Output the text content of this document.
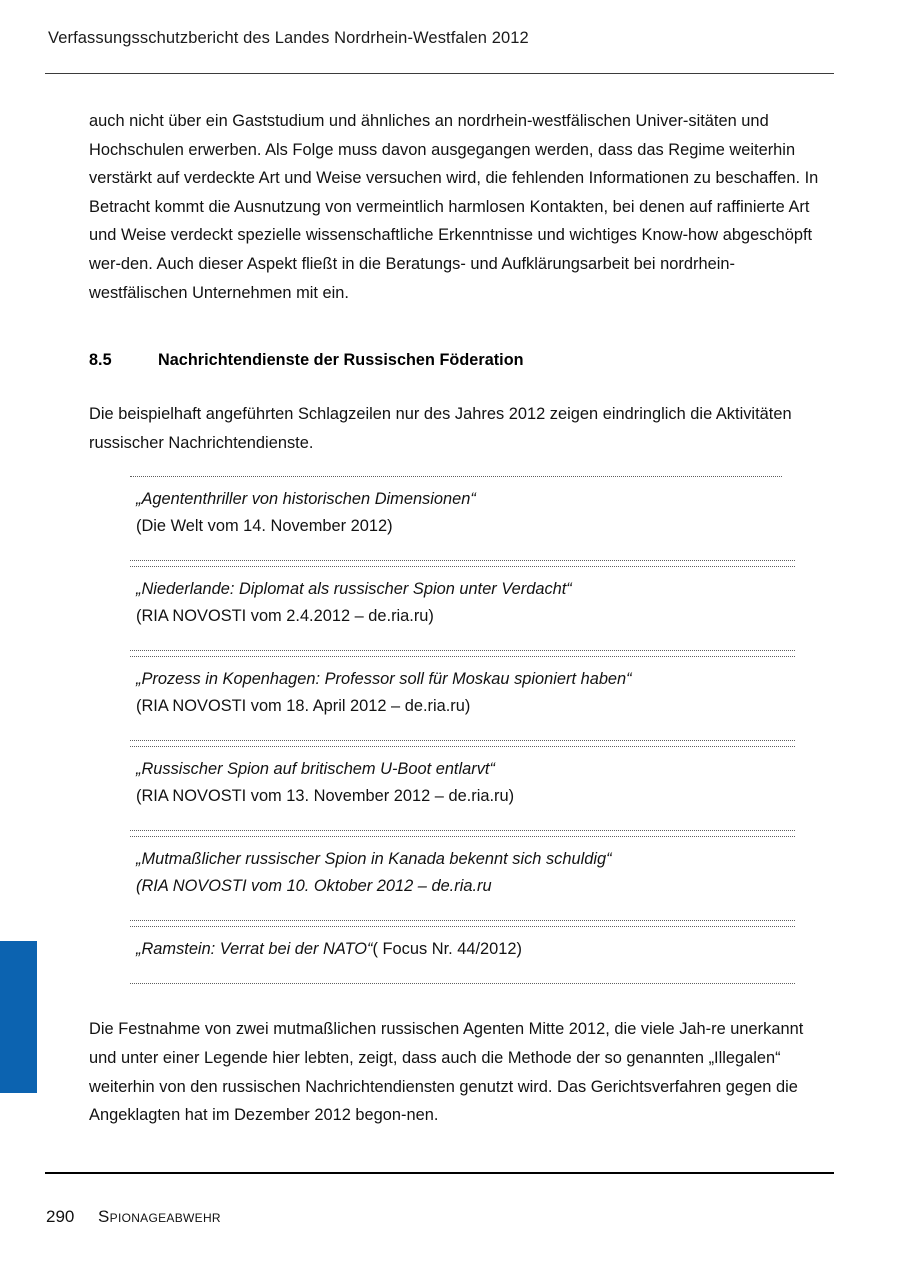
Verfassungsschutzbericht des Landes Nordrhein-Westfalen 2012

auch nicht über ein Gaststudium und ähnliches an nordrhein-westfälischen Univer-sitäten und Hochschulen erwerben. Als Folge muss davon ausgegangen werden, dass das Regime weiterhin verstärkt auf verdeckte Art und Weise versuchen wird, die fehlenden Informationen zu beschaffen. In Betracht kommt die Ausnutzung von vermeintlich harmlosen Kontakten, bei denen auf raffinierte Art und Weise verdeckt spezielle wissenschaftliche Erkenntnisse und wichtiges Know-how abgeschöpft wer-den. Auch dieser Aspekt fließt in die Beratungs- und Aufklärungsarbeit bei nordrhein-westfälischen Unternehmen mit ein.

8.5	Nachrichtendienste der Russischen Föderation

Die beispielhaft angeführten Schlagzeilen nur des Jahres 2012 zeigen eindringlich die Aktivitäten russischer Nachrichtendienste.

„Agententhriller von historischen Dimensionen“
(Die Welt vom 14. November 2012)
„Niederlande: Diplomat als russischer Spion unter Verdacht“
(RIA NOVOSTI vom 2.4.2012 – de.ria.ru)
„Prozess in Kopenhagen: Professor soll für Moskau spioniert haben“
(RIA NOVOSTI vom 18. April 2012 – de.ria.ru)
„Russischer Spion auf britischem U-Boot entlarvt“
(RIA NOVOSTI vom 13. November 2012 – de.ria.ru)
„Mutmaßlicher russischer Spion in Kanada bekennt sich schuldig“
(RIA NOVOSTI vom 10. Oktober 2012 – de.ria.ru
„Ramstein: Verrat bei der NATO“( Focus Nr. 44/2012)

Die Festnahme von zwei mutmaßlichen russischen Agenten Mitte 2012, die viele Jah-re unerkannt und unter einer Legende hier lebten, zeigt, dass auch die Methode der so genannten „Illegalen“ weiterhin von den russischen Nachrichtendiensten genutzt wird. Das Gerichtsverfahren gegen die Angeklagten hat im Dezember 2012 begon-nen.

290	Spionageabwehr
